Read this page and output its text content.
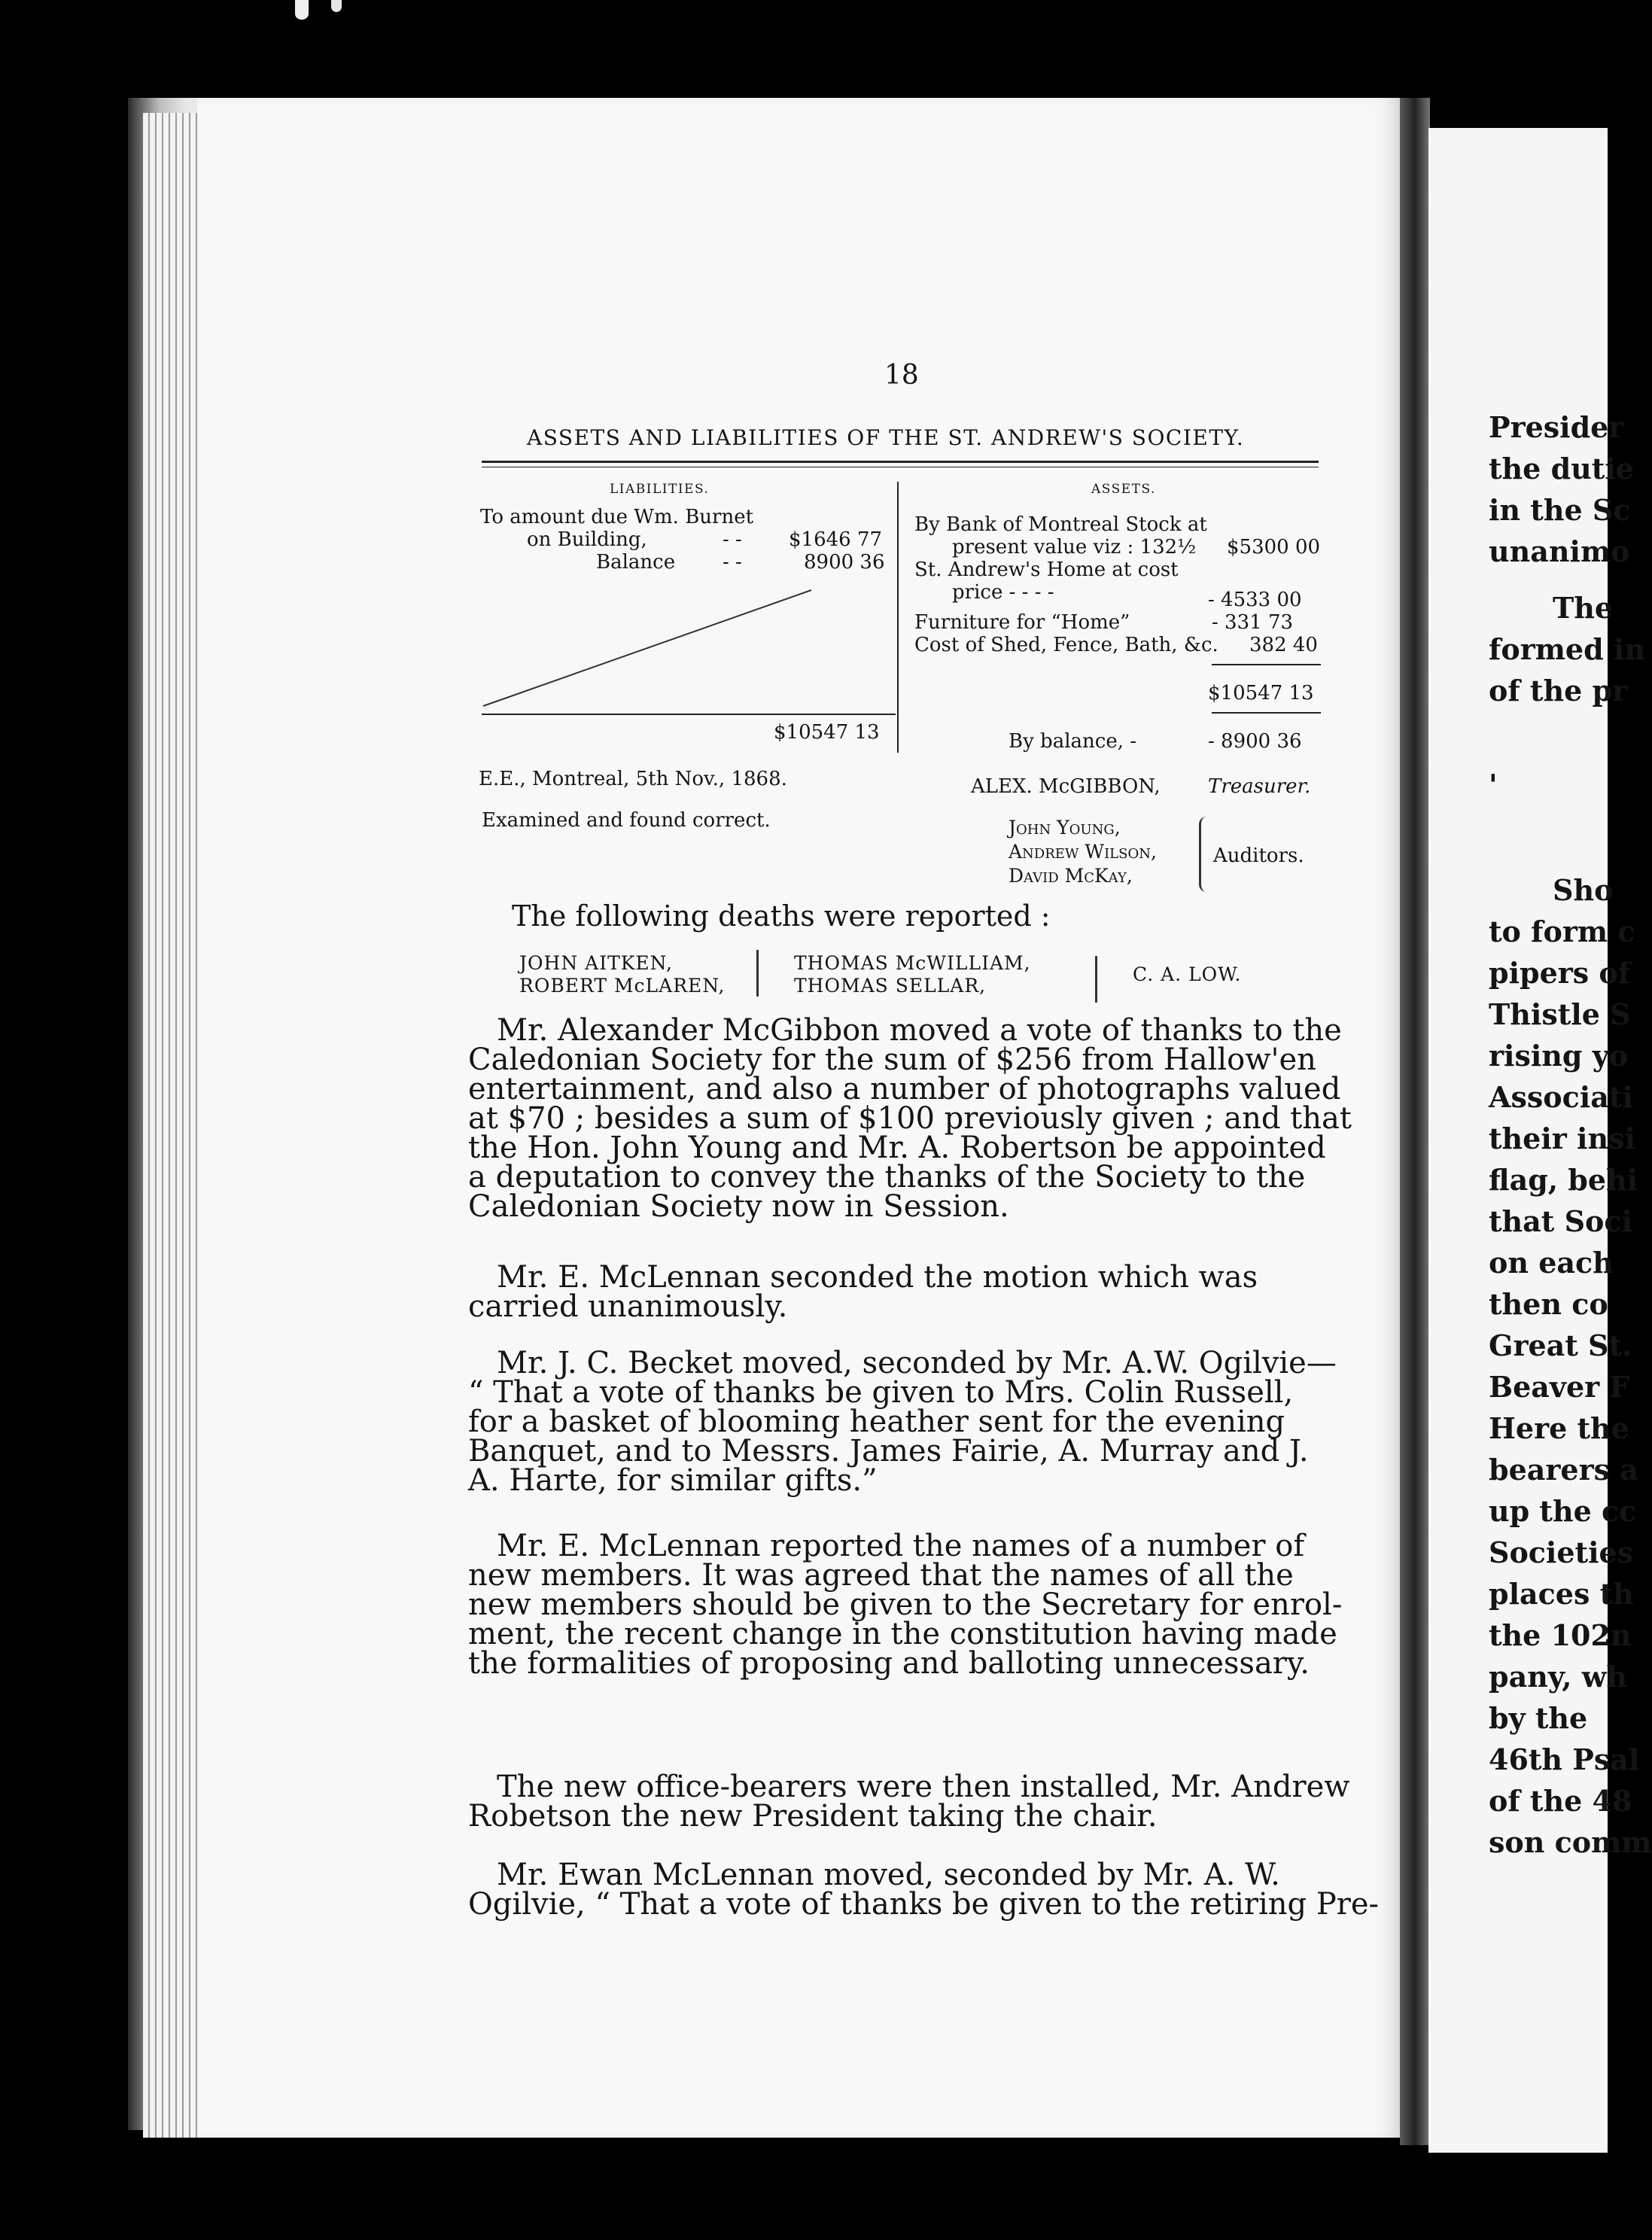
Presider
the dutie
in the Sc
unanimo
The
formed in
of the pr
'
Sho
to form c
pipers of
Thistle S
rising yo
Associati
their insi
flag, behi
that Soci
on each
then co
Great St.
Beaver F
Here the
bearers a
up the cc
Societies
places th
the 102n
pany, wh
by the
46th Psal
of the 48
son comm
18
ASSETS AND LIABILITIES OF THE ST. ANDREW'S SOCIETY.
LIABILITIES.
To amount due Wm. Burnet
on Building,	- - $1646 77
Balance - -	8900 36
$10547 13
ASSETS.
By Bank of Montreal Stock at
present value viz : 132½ $5300 00
St. Andrew's Home at cost
price - - - -	- 4533 00
Furniture for “Home”	- 331 73
Cost of Shed, Fence, Bath, &c. 382 40
$10547 13
By balance, -	- 8900 36
E.E., Montreal, 5th Nov., 1868.	ALEX. McGIBBON, Treasurer.
Examined and found correct.	John Young,
Andrew Wilson,
David McKay,
Auditors.
The following deaths were reported :
JOHN AITKEN,
ROBERT McLAREN,
THOMAS McWILLIAM,
THOMAS SELLAR,
C. A. LOW.
Mr. Alexander McGibbon moved a vote of thanks to the
Caledonian Society for the sum of $256 from Hallow'en
entertainment, and also a number of photographs valued
at $70 ; besides a sum of $100 previously given ; and that
the Hon. John Young and Mr. A. Robertson be appointed
a deputation to convey the thanks of the Society to the
Caledonian Society now in Session.
Mr. E. McLennan seconded the motion which was
carried unanimously.
Mr. J. C. Becket moved, seconded by Mr. A.W. Ogilvie—
“ That a vote of thanks be given to Mrs. Colin Russell,
for a basket of blooming heather sent for the evening
Banquet, and to Messrs. James Fairie, A. Murray and J.
A. Harte, for similar gifts.”
Mr. E. McLennan reported the names of a number of
new members. It was agreed that the names of all the
new members should be given to the Secretary for enrol-
ment, the recent change in the constitution having made
the formalities of proposing and balloting unnecessary.
The new office-bearers were then installed, Mr. Andrew
Robetson the new President taking the chair.
Mr. Ewan McLennan moved, seconded by Mr. A. W.
Ogilvie, “ That a vote of thanks be given to the retiring Pre-
